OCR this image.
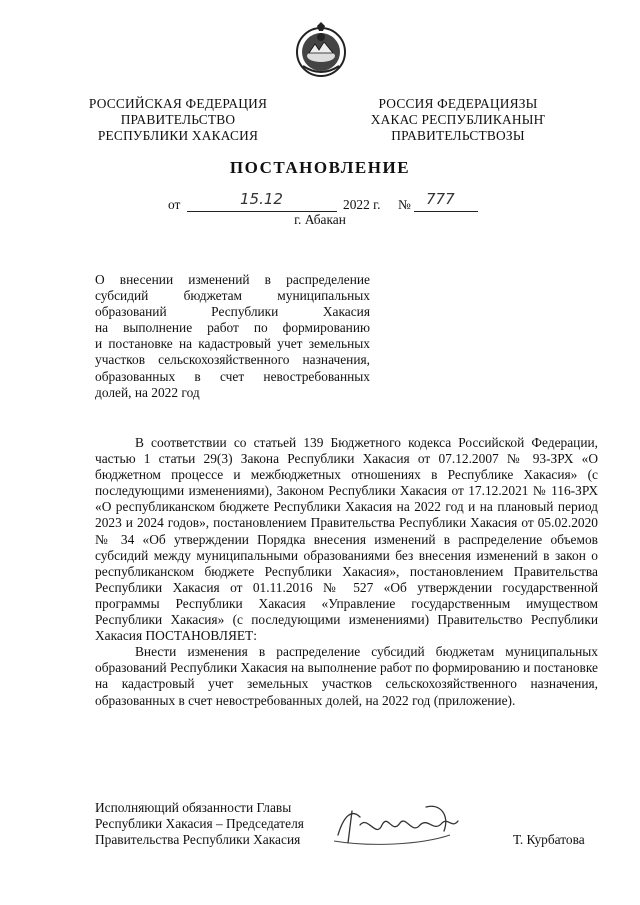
РОССИЙСКАЯ ФЕДЕРАЦИЯ
ПРАВИТЕЛЬСТВО
РЕСПУБЛИКИ ХАКАСИЯ
РОССИЯ ФЕДЕРАЦИЯЗЫ
ХАКАС РЕСПУБЛИКАНЫҤ
ПРАВИТЕЛЬСТВОЗЫ
ПОСТАНОВЛЕНИЕ
от	15.12	2022 г. № 777
г. Абакан
О внесении изменений в распределение
субсидий бюджетам муниципальных
образований Республики Хакасия
на выполнение работ по формированию
и постановке на кадастровый учет земельных
участков сельскохозяйственного назначения,
образованных в счет невостребованных
долей, на 2022 год

В соответствии со статьей 139 Бюджетного кодекса Российской Федерации, частью 1 статьи 29(3) Закона Республики Хакасия от 07.12.2007 № 93-ЗРХ «О бюджетном процессе и межбюджетных отношениях в Республике Хакасия» (с последующими изменениями), Законом Республики Хакасия от 17.12.2021 № 116-ЗРХ «О республиканском бюджете Республики Хакасия на 2022 год и на плановый период 2023 и 2024 годов», постановлением Правительства Республики Хакасия от 05.02.2020 № 34 «Об утверждении Порядка внесения изменений в распределение объемов субсидий между муниципальными образованиями без внесения изменений в закон о республиканском бюджете Республики Хакасия», постановлением Правительства Республики Хакасия от 01.11.2016 № 527 «Об утверждении государственной программы Республики Хакасия «Управление государственным имуществом Республики Хакасия» (с последующими изменениями) Правительство Республики Хакасия ПОСТАНОВЛЯЕТ:

Внести изменения в распределение субсидий бюджетам муниципальных образований Республики Хакасия на выполнение работ по формированию и постановке на кадастровый учет земельных участков сельскохозяйственного назначения, образованных в счет невостребованных долей, на 2022 год (приложение).

Исполняющий обязанности Главы
Республики Хакасия – Председателя
Правительства Республики Хакасия	Т. Курбатова
